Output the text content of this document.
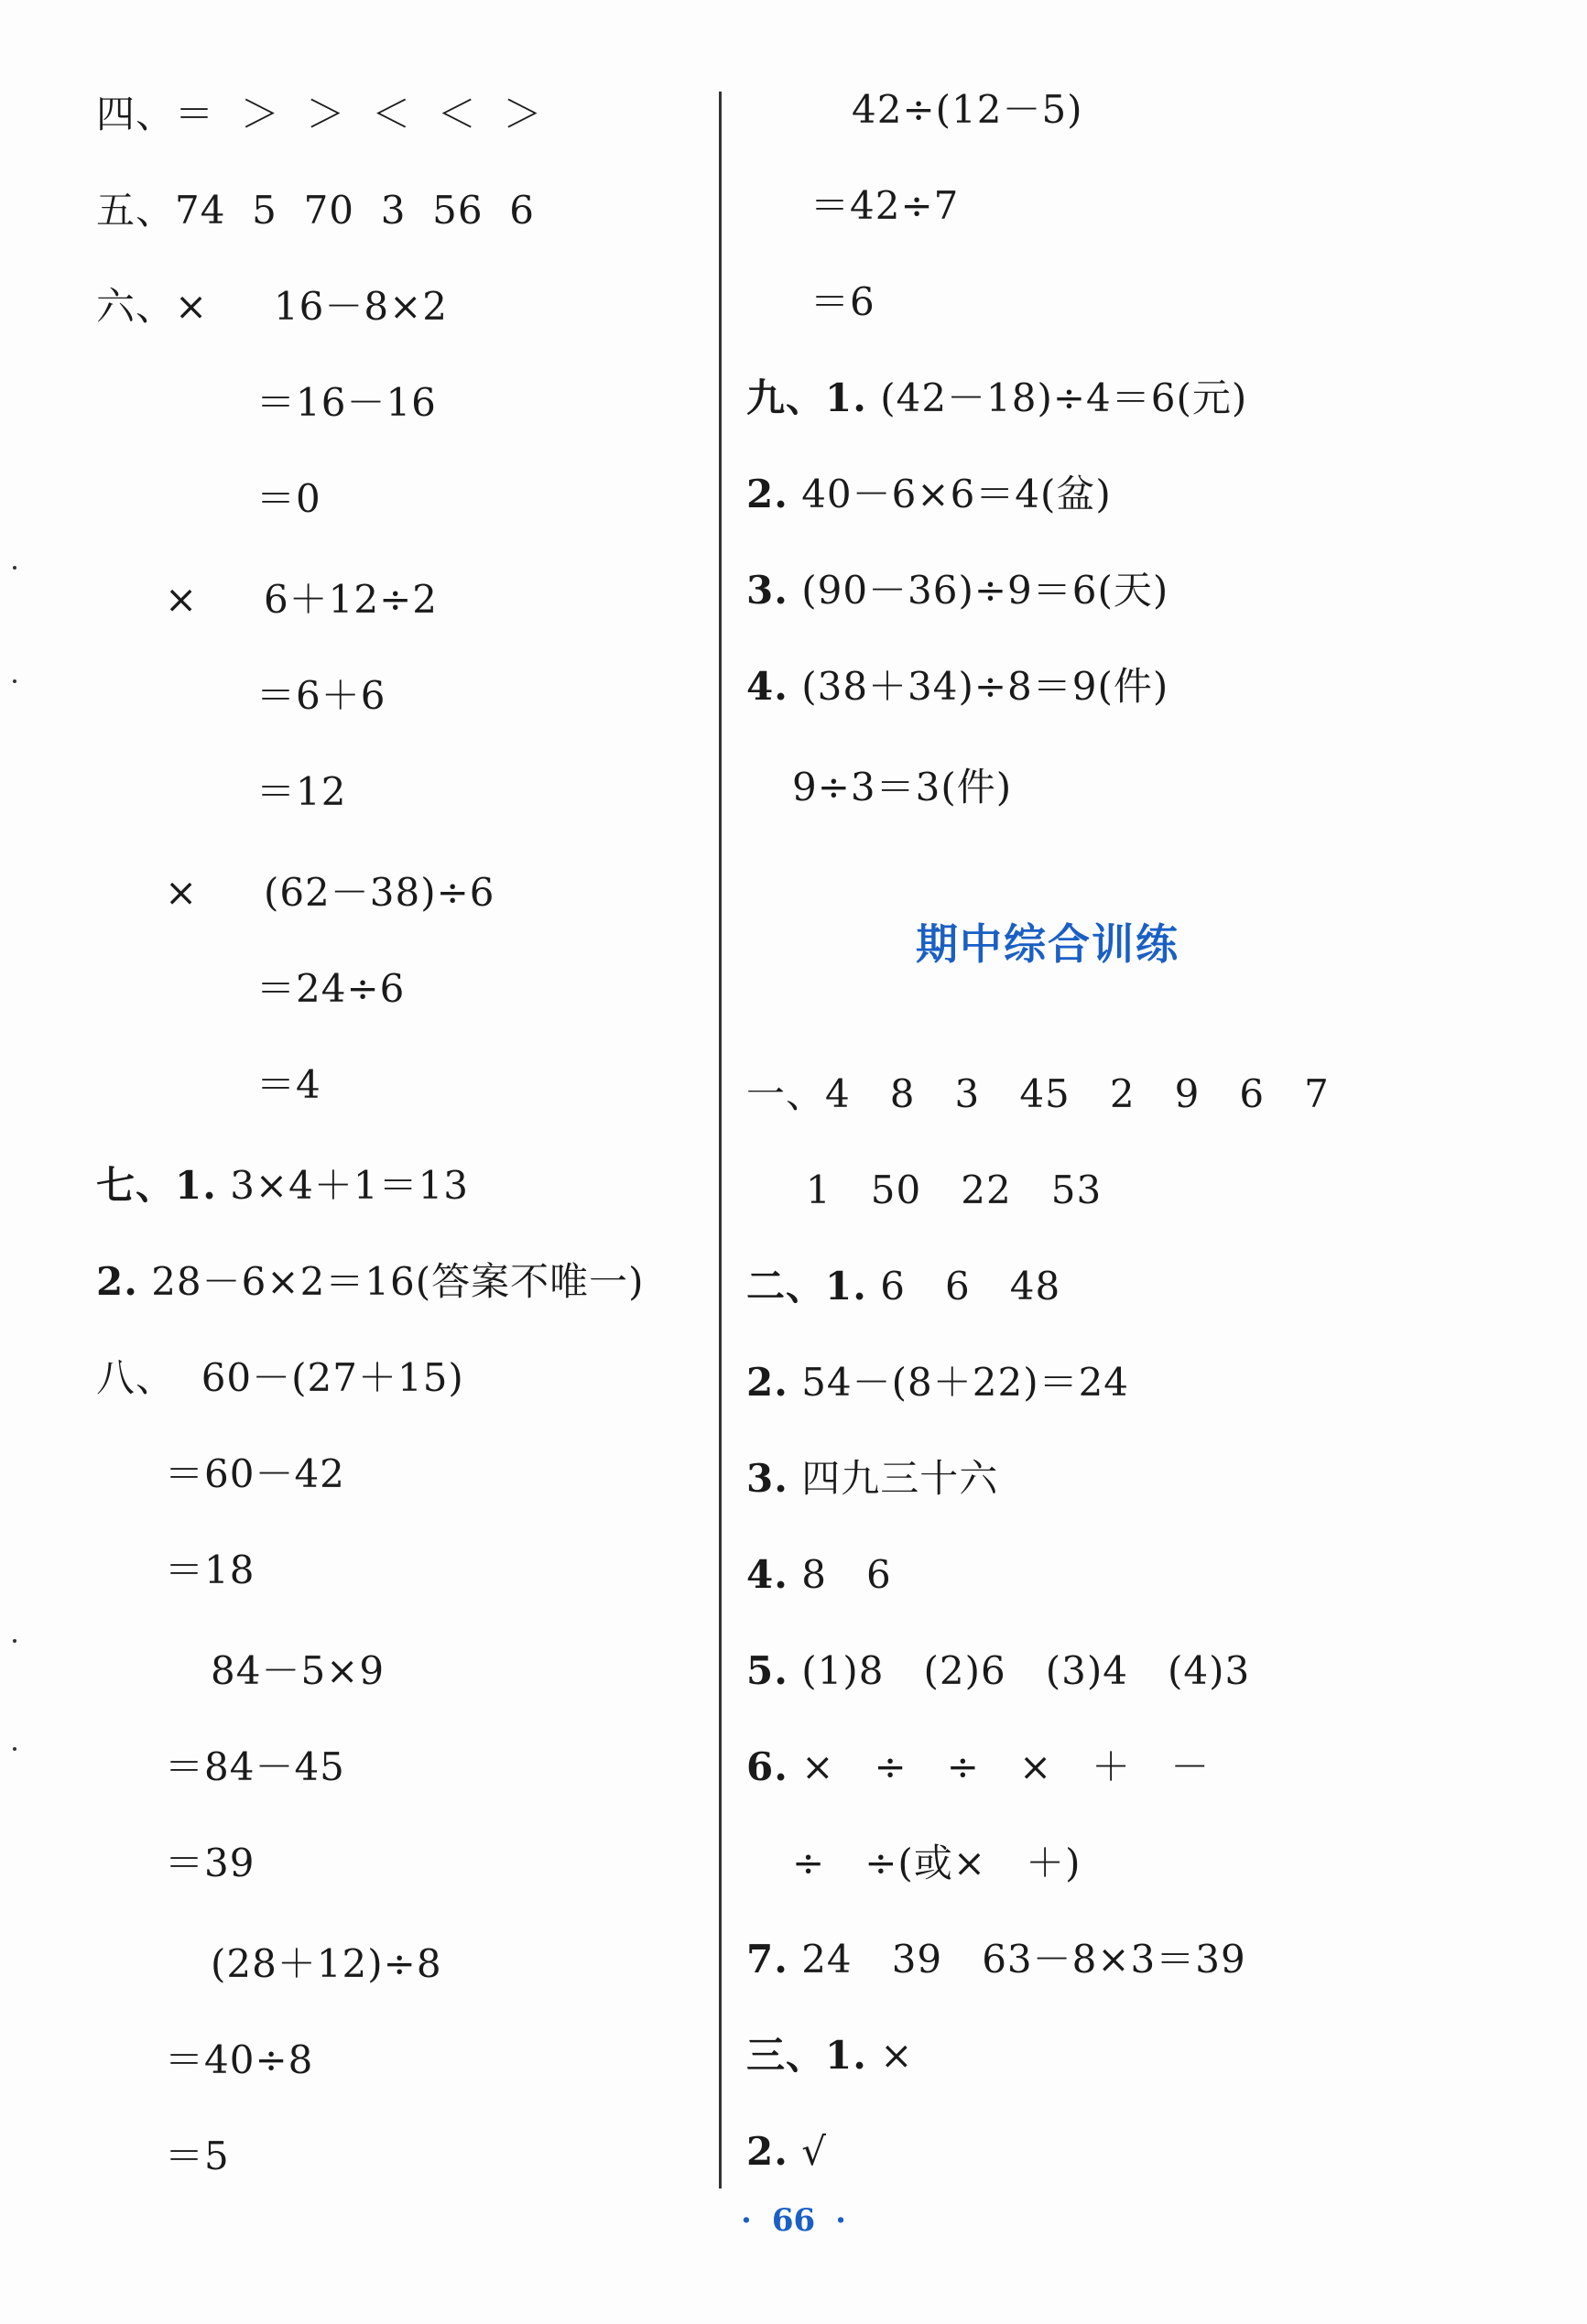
四、＝  ＞  ＞  ＜  ＜  ＞
五、74  5  70  3  56  6
六、×     16－8×2
＝16－16
＝0
×     6＋12÷2
＝6＋6
＝12
×     (62－38)÷6
＝24÷6
＝4
七、1. 3×4＋1＝13
2. 28－6×2＝16(答案不唯一)
八、  60－(27＋15)
＝60－42
＝18
84－5×9
＝84－45
＝39
(28＋12)÷8
＝40÷8
＝5
42÷(12－5)
＝42÷7
＝6
九、1. (42－18)÷4＝6(元)
2. 40－6×6＝4(盆)
3. (90－36)÷9＝6(天)
4. (38＋34)÷8＝9(件)
9÷3＝3(件)
一、4   8   3   45   2   9   6   7
1   50   22   53
二、1. 6   6   48
2. 54－(8＋22)＝24
3. 四九三十六
4. 8   6
5. (1)8   (2)6   (3)4   (4)3
6. ×   ÷   ÷   ×   ＋   －
÷   ÷(或×   ＋)
7. 24   39   63－8×3＝39
三、1. ×
2. √
期中综合训练
· 66 ·
